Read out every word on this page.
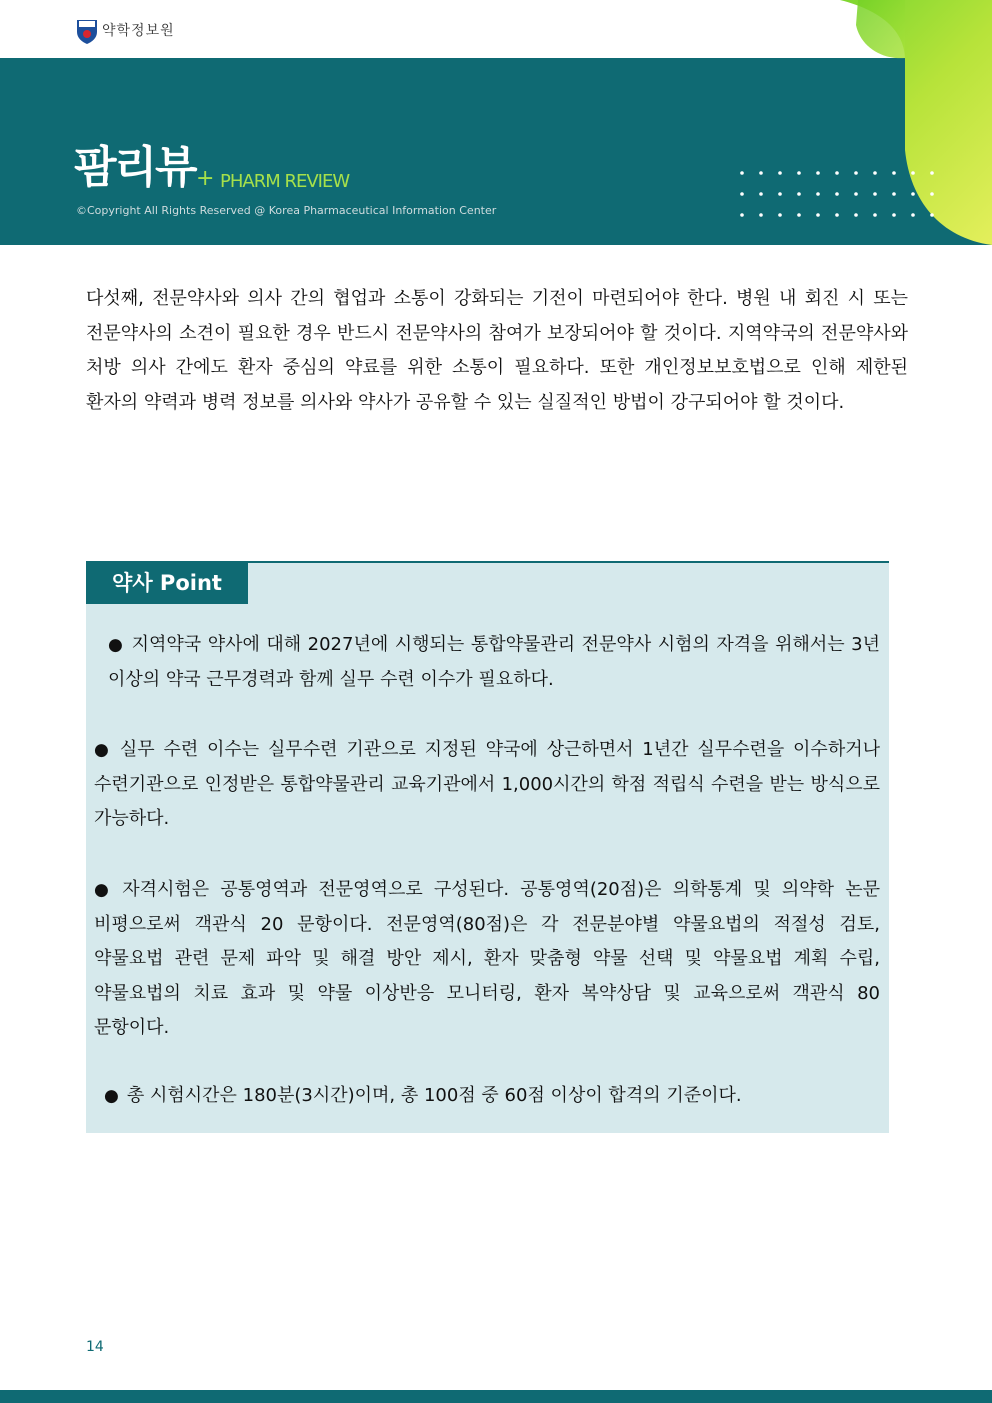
약학정보원
팜리뷰 + PHARM REVIEW
©Copyright All Rights Reserved @ Korea Pharmaceutical Information Center

다섯째, 전문약사와 의사 간의 협업과 소통이 강화되는 기전이 마련되어야 한다. 병원 내 회진 시 또는 전문약사의 소견이 필요한 경우 반드시 전문약사의 참여가 보장되어야 할 것이다. 지역약국의 전문약사와 처방 의사 간에도 환자 중심의 약료를 위한 소통이 필요하다. 또한 개인정보보호법으로 인해 제한된 환자의 약력과 병력 정보를 의사와 약사가 공유할 수 있는 실질적인 방법이 강구되어야 할 것이다.

약사 Point

● 지역약국 약사에 대해 2027년에 시행되는 통합약물관리 전문약사 시험의 자격을 위해서는 3년 이상의 약국 근무경력과 함께 실무 수련 이수가 필요하다.

● 실무 수련 이수는 실무수련 기관으로 지정된 약국에 상근하면서 1년간 실무수련을 이수하거나 수련기관으로 인정받은 통합약물관리 교육기관에서 1,000시간의 학점 적립식 수련을 받는 방식으로 가능하다.

● 자격시험은 공통영역과 전문영역으로 구성된다. 공통영역(20점)은 의학통계 및 의약학 논문 비평으로써 객관식 20 문항이다. 전문영역(80점)은 각 전문분야별 약물요법의 적절성 검토, 약물요법 관련 문제 파악 및 해결 방안 제시, 환자 맞춤형 약물 선택 및 약물요법 계획 수립, 약물요법의 치료 효과 및 약물 이상반응 모니터링, 환자 복약상담 및 교육으로써 객관식 80 문항이다.

● 총 시험시간은 180분(3시간)이며, 총 100점 중 60점 이상이 합격의 기준이다.

14
